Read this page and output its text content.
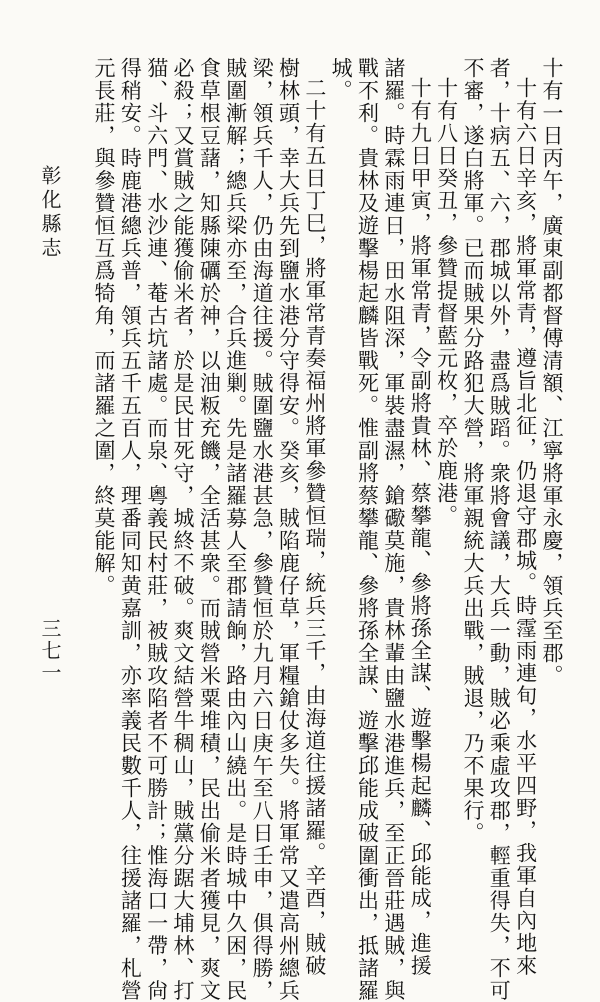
十有一日丙午，廣東副都督傅清額、江寧將軍永慶，領兵至郡。

十有六日辛亥，將軍常青，遵旨北征，仍退守郡城。時霪雨連旬，水平四野，我軍自內地來

者，十病五、六，郡城以外，盡爲賊蹈。衆將會議，大兵一動，賊必乘虛攻郡，輕重得失，不可

不審，遂白將軍。已而賊果分路犯大營，將軍親統大兵出戰，賊退，乃不果行。

十有八日癸丑，參贊提督藍元枚，卒於鹿港。

十有九日甲寅，將軍常青，令副將貴林、蔡攀龍、參將孫全謀、遊擊楊起麟、邱能成，進援

諸羅。時霖雨連日，田水阻深，軍裝盡濕，鎗礮莫施，貴林輩由鹽水港進兵，至正晉莊遇賊，與

戰不利。貴林及遊擊楊起麟皆戰死。惟副將蔡攀龍、參將孫全謀、遊擊邱能成破圍衝出，抵諸羅

城。

二十有五日丁巳，將軍常青奏福州將軍參贊恒瑞，統兵三千，由海道往援諸羅。辛酉，賊破

樹林頭，幸大兵先到鹽水港分守得安。癸亥，賊陷鹿仔草，軍糧鎗仗多失。將軍常又遣高州總兵

梁，領兵千人，仍由海道往援。賊圍鹽水港甚急，參贊恒於九月六日庚午至八日壬申，俱得勝，

賊圍漸解；總兵梁亦至，合兵進剿。先是諸羅募人至郡請餉，路由內山繞出。是時城中久困，民

食草根豆藷，知縣陳礪於神，以油粄充饑，全活甚衆。而賊營米粟堆積，民出偷米者獲見，爽文

必殺；又賞賊之能獲偷米者，於是民甘死守，城終不破。爽文結營牛稠山，賊黨分踞大埔林、打

猫、斗六門、水沙連、菴古坑諸處。而泉、粵義民村莊，被賊攻陷者不可勝計；惟海口一帶，尙

得稍安。時鹿港總兵普，領兵五千五百人，理番同知黄嘉訓，亦率義民數千人，往援諸羅，札營

元長莊，與參贊恒互爲犄角，而諸羅之圍，終莫能解。

彰化縣志
三七一
